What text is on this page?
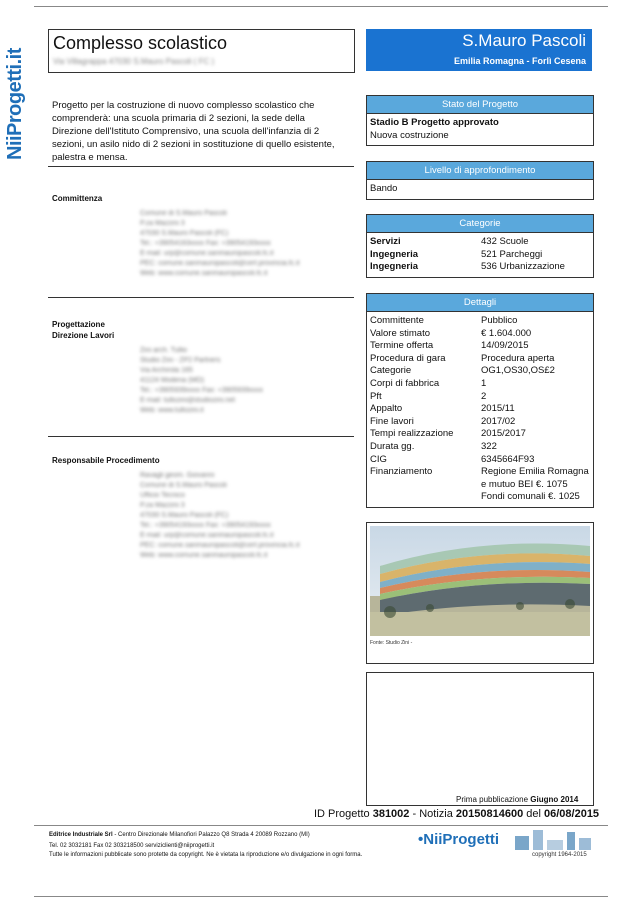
NiiProgetti.it
Complesso scolastico
Via Villagrappa 47030 S.Mauro Pascoli ( FC )
S.Mauro Pascoli
Emilia Romagna - Forlì Cesena
Progetto per la costruzione di nuovo complesso scolastico che comprenderà: una scuola primaria di 2 sezioni, la sede della Direzione dell'Istituto Comprensivo, una scuola dell'infanzia di 2 sezioni, un asilo nido di 2 sezioni in sostituzione di quello esistente, palestra e mensa.
Committenza
Comune di S.Mauro Pascoli
P.za Mazzini 3
47030 S.Mauro Pascoli (FC)
Tel.: +39054163xxxx Fax: +39054193xxxx
E-mail: urp@comune.sanmauropascoli.fc.it
PEC: comune.sanmauropascoli@cert.provincia.fc.it
Web: www.comune.sanmauropascoli.fc.it
Progettazione
Direzione Lavori
Zini arch. Tullio
Studio Zini - ZP2 Partners
Via Archirola 165
41124 Modena (MO)
Tel.: +3905939xxxx Fax: +3905939xxxx
E-mail: tullozini@studiozini.net
Web: www.tullozini.it
Responsabile Procedimento
Ravagli geom. Giovanni
Comune di S.Mauro Pascoli
Ufficio Tecnico
P.za Mazzini 3
47030 S.Mauro Pascoli (FC)
Tel.: +39054193xxxx Fax: +39054193xxxx
E-mail: urp@comune.sanmauropascoli.fc.it
PEC: comune.sanmauropascoli@cert.provincia.fc.it
Web: www.comune.sanmauropascoli.fc.it
Stato del Progetto
Stadio B Progetto approvato
Nuova costruzione
Livello di approfondimento
Bando
Categorie
Servizi	432 Scuole
Ingegneria	521 Parcheggi
Ingegneria	536 Urbanizzazione
Dettagli
Committente	Pubblico
Valore stimato	€ 1.604.000
Termine offerta	14/09/2015
Procedura di gara	Procedura aperta
Categorie	OG1,OS30,OS£2
Corpi di fabbrica	1
Pft	2
Appalto	2015/11
Fine lavori	2017/02
Tempi realizzazione	2015/2017
Durata gg.	322
CIG	6345664F93
Finanziamento	Regione Emilia Romagna
e mutuo BEI €. 1075
Fondi comunali €. 1025
Fonte: Studio Zini -
Prima pubblicazione Giugno 2014
ID Progetto 381002 - Notizia 20150814600 del 06/08/2015
Editrice Industriale Srl - Centro Direzionale Milanofiori Palazzo Q8 Strada 4 20089 Rozzano (MI)
Tel. 02 3032181 Fax 02 303218500 serviziclienti@niiprogetti.it
Tutte le informazioni pubblicate sono protette da copyright. Ne è vietata la riproduzione e/o divulgazione in ogni forma.
•NiiProgetti
copyright 1964-2015
